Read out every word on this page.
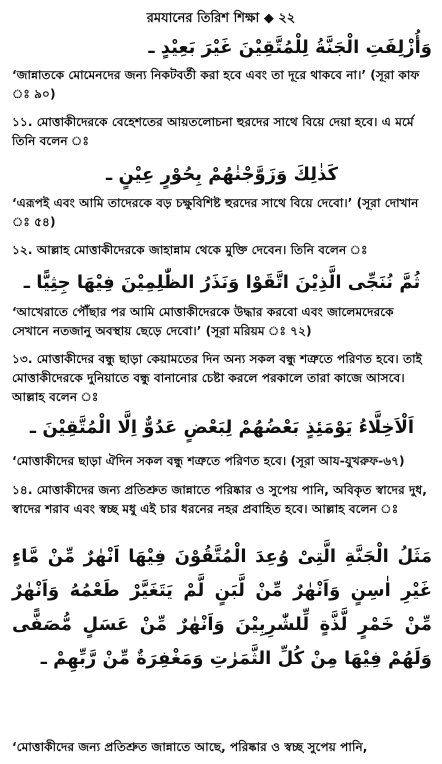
রমযানের তিরিশ শিক্ষা ◆ ২২
وَأُزْلِفَتِ الْجَنَّةُ لِلْمُتَّقِيْنَ غَيْرَ بَعِيْدٍ ـ
‘জান্নাতকে মোমেনদের জন্য নিকটবর্তী করা হবে এবং তা দূরে থাকবে না।’ (সূরা কাফ ঃ ৯০)
১১. মোত্তাকীদেরকে বেহেশতের আয়তলোচনা হুরদের সাথে বিয়ে দেয়া হবে। এ মর্মে তিনি বলেন ঃ
كَذٰلِكَ وَزَوَّجْنٰهُمْ بِحُوْرٍ عِيْنٍ ـ
‘এরূপই এবং আমি তাদেরকে বড় চক্ষুবিশিষ্ট হুরদের সাথে বিয়ে দেবো।’ (সূরা দোখান ঃ ৫৪)
১২. আল্লাহ মোত্তাকীদেরকে জাহান্নাম থেকে মুক্তি দেবেন। তিনি বলেন ঃ
ثُمَّ نُنَجِّى الَّذِيْنَ اتَّقَوْا وَنَذَرُ الظّٰلِمِيْنَ فِيْهَا جِثِيًّا ـ
‘আখেরাতে পৌঁছার পর আমি মোত্তাকীদেরকে উদ্ধার করবো এবং জালেমদেরকে সেখানে নতজানু অবস্থায় ছেড়ে দেবো।’ (সূরা মরিয়ম ঃ ৭২)
১৩. মোত্তাকীদের বন্ধু ছাড়া কেয়ামতের দিন অন্য সকল বন্ধু শত্রুতে পরিণত হবে। তাই মোত্তাকীদেরকে দুনিয়াতে বন্ধু বানানোর চেষ্টা করলে পরকালে তারা কাজে আসবে। আল্লাহ বলেন ঃ
اَلْاَخِلَّاءُ يَوْمَئِذٍ بَعْضُهُمْ لِبَعْضٍ عَدُوٌّ اِلَّا الْمُتَّقِيْنَ ـ
‘মোত্তাকীদের ছাড়া ঐদিন সকল বন্ধু শত্রুতে পরিণত হবে। (সূরা আয-যুখরুফ-৬৭)
১৪. মোত্তাকীদের জন্য প্রতিশ্রুত জান্নাতে পরিষ্কার ও সুপেয় পানি, অবিকৃত স্বাদের দুধ, স্বাদের শরাব এবং স্বচ্ছ মধু এই চার ধরনের নহর প্রবাহিত হবে। আল্লাহ বলেন ঃ
مَثَلُ الْجَنَّةِ الَّتِىْ وُعِدَ الْمُتَّقُوْنَ فِيْهَا اَنْهٰرٌ مِّنْ مَّاءٍ غَيْرِ اٰسِنٍ وَاَنْهٰرٌ مِّنْ لَّبَنٍ لَّمْ يَتَغَيَّرْ طَعْمُهُ وَاَنْهٰرٌ مِّنْ خَمْرٍ لَّذَّةٍ لِّلشّٰرِبِيْنَ وَاَنْهٰرٌ مِّنْ عَسَلٍ مُّصَفًّى وَلَهُمْ فِيْهَا مِنْ كُلِّ الثَّمَرٰتِ وَمَغْفِرَةٌ مِّنْ رَّبِّهِمْ ـ
‘মোত্তাকীদের জন্য প্রতিশ্রুত জান্নাতে আছে, পরিষ্কার ও স্বচ্ছ সুপেয় পানি,
